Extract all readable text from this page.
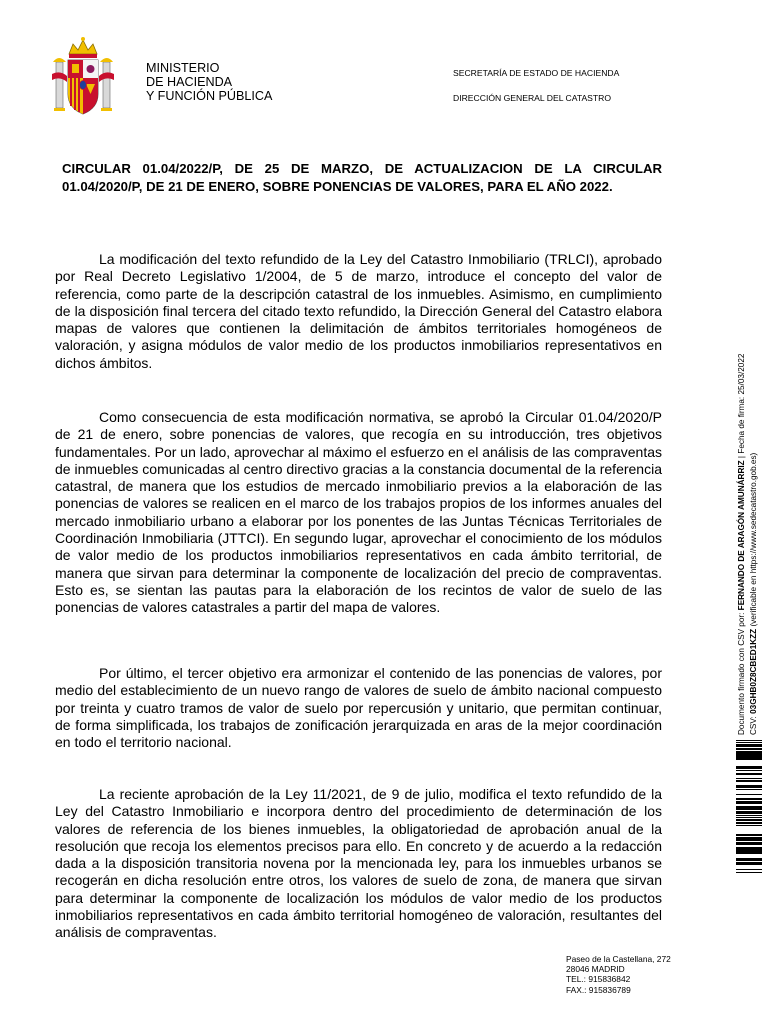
MINISTERIO
DE HACIENDA
Y FUNCIÓN PÚBLICA
SECRETARÍA DE ESTADO DE HACIENDA
DIRECCIÓN GENERAL DEL CATASTRO
CIRCULAR 01.04/2022/P, DE 25 DE MARZO, DE ACTUALIZACION DE LA CIRCULAR 01.04/2020/P, DE 21 DE ENERO, SOBRE PONENCIAS DE VALORES, PARA EL AÑO 2022.

La modificación del texto refundido de la Ley del Catastro Inmobiliario (TRLCI), aprobado por Real Decreto Legislativo 1/2004, de 5 de marzo, introduce el concepto del valor de referencia, como parte de la descripción catastral de los inmuebles. Asimismo, en cumplimiento de la disposición final tercera del citado texto refundido, la Dirección General del Catastro elabora mapas de valores que contienen la delimitación de ámbitos territoriales homogéneos de valoración, y asigna módulos de valor medio de los productos inmobiliarios representativos en dichos ámbitos.

Como consecuencia de esta modificación normativa, se aprobó la Circular 01.04/2020/P de 21 de enero, sobre ponencias de valores, que recogía en su introducción, tres objetivos fundamentales. Por un lado, aprovechar al máximo el esfuerzo en el análisis de las compraventas de inmuebles comunicadas al centro directivo gracias a la constancia documental de la referencia catastral, de manera que los estudios de mercado inmobiliario previos a la elaboración de las ponencias de valores se realicen en el marco de los trabajos propios de los informes anuales del mercado inmobiliario urbano a elaborar por los ponentes de las Juntas Técnicas Territoriales de Coordinación Inmobiliaria (JTTCI). En segundo lugar, aprovechar el conocimiento de los módulos de valor medio de los productos inmobiliarios representativos en cada ámbito territorial, de manera que sirvan para determinar la componente de localización del precio de compraventas. Esto es, se sientan las pautas para la elaboración de los recintos de valor de suelo de las ponencias de valores catastrales a partir del mapa de valores.

Por último, el tercer objetivo era armonizar el contenido de las ponencias de valores, por medio del establecimiento de un nuevo rango de valores de suelo de ámbito nacional compuesto por treinta y cuatro tramos de valor de suelo por repercusión y unitario, que permitan continuar, de forma simplificada, los trabajos de zonificación jerarquizada en aras de la mejor coordinación en todo el territorio nacional.

La reciente aprobación de la Ley 11/2021, de 9 de julio, modifica el texto refundido de la Ley del Catastro Inmobiliario e incorpora dentro del procedimiento de determinación de los valores de referencia de los bienes inmuebles, la obligatoriedad de aprobación anual de la resolución que recoja los elementos precisos para ello. En concreto y de acuerdo a la redacción dada a la disposición transitoria novena por la mencionada ley, para los inmuebles urbanos se recogerán en dicha resolución entre otros, los valores de suelo de zona, de manera que sirvan para determinar la componente de localización los módulos de valor medio de los productos inmobiliarios representativos en cada ámbito territorial homogéneo de valoración, resultantes del análisis de compraventas.

Documento firmado con CSV por: FERNANDO DE ARAGÓN AMUNÁRRIZ | Fecha de firma: 25/03/2022
CSV: 03GHB0Z8CBED1KZZ (verificable en https://www.sedecatastro.gob.es)
Paseo de la Castellana, 272
28046 MADRID
TEL.: 915836842
FAX.: 915836789
